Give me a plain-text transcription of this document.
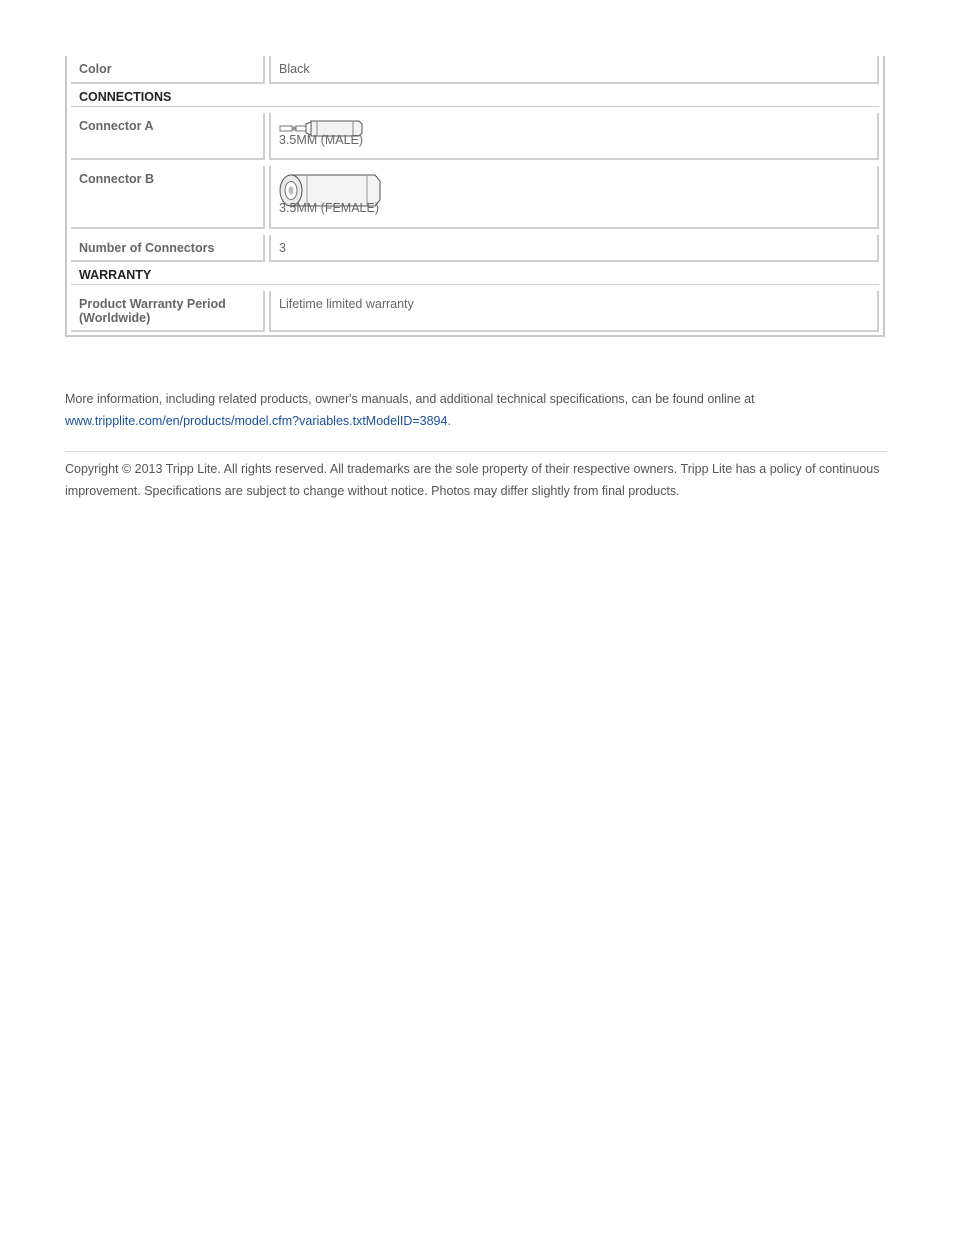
Color	Black
CONNECTIONS
Connector A
3.5MM (MALE)
Connector B
3.5MM (FEMALE)
Number of Connectors	3
WARRANTY
Product Warranty Period (Worldwide)
Lifetime limited warranty
More information, including related products, owner's manuals, and additional technical specifications, can be found online at
www.tripplite.com/en/products/model.cfm?variables.txtModelID=3894.
Copyright © 2013 Tripp Lite. All rights reserved. All trademarks are the sole property of their respective owners. Tripp Lite has a policy of continuous improvement. Specifications are subject to change without notice. Photos may differ slightly from final products.
